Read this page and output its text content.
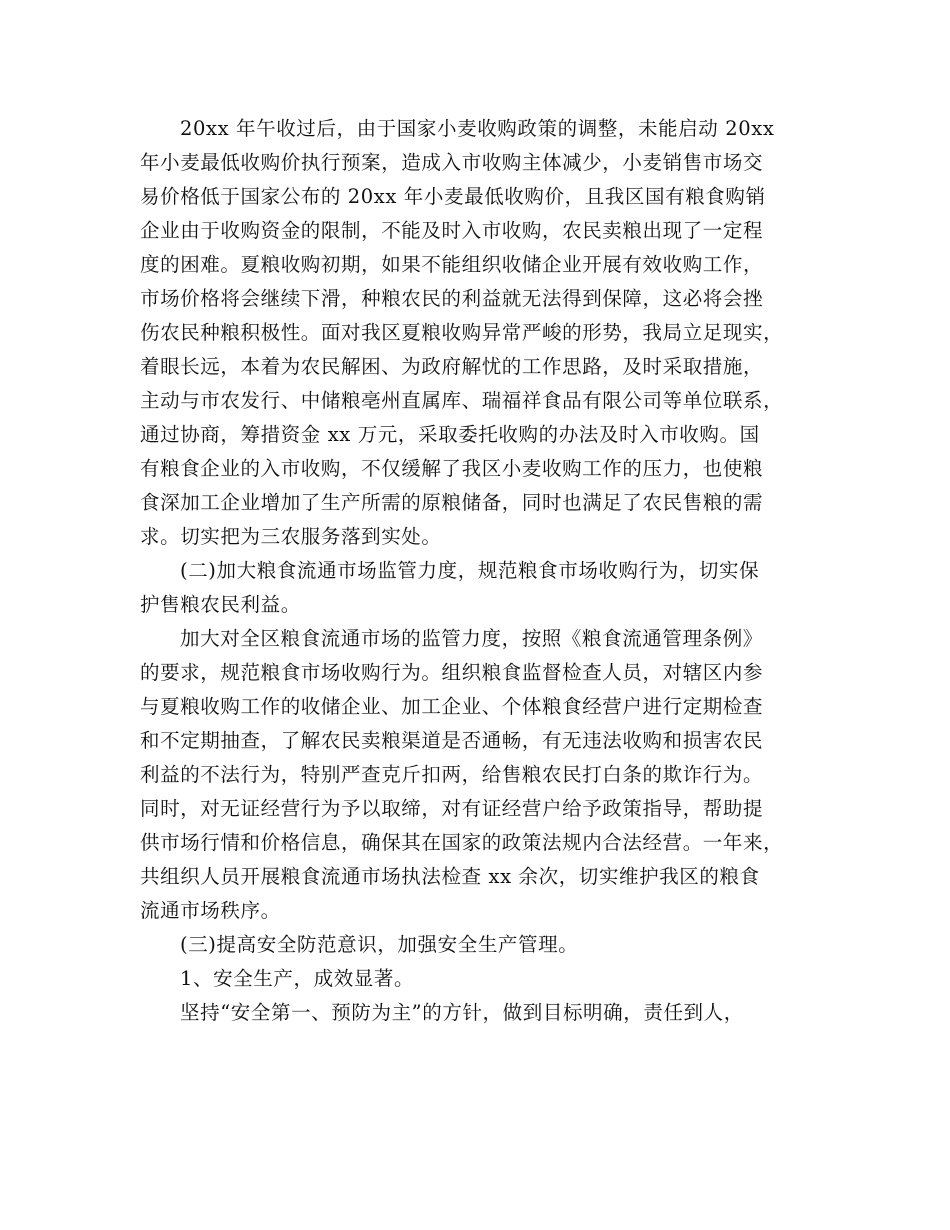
20xx 年午收过后，由于国家小麦收购政策的调整，未能启动 20xx
年小麦最低收购价执行预案，造成入市收购主体减少，小麦销售市场交
易价格低于国家公布的 20xx 年小麦最低收购价，且我区国有粮食购销
企业由于收购资金的限制，不能及时入市收购，农民卖粮出现了一定程
度的困难。夏粮收购初期，如果不能组织收储企业开展有效收购工作，
市场价格将会继续下滑，种粮农民的利益就无法得到保障，这必将会挫
伤农民种粮积极性。面对我区夏粮收购异常严峻的形势，我局立足现实，
着眼长远，本着为农民解困、为政府解忧的工作思路，及时采取措施，
主动与市农发行、中储粮亳州直属库、瑞福祥食品有限公司等单位联系，
通过协商，筹措资金 xx 万元，采取委托收购的办法及时入市收购。国
有粮食企业的入市收购，不仅缓解了我区小麦收购工作的压力，也使粮
食深加工企业增加了生产所需的原粮储备，同时也满足了农民售粮的需
求。切实把为三农服务落到实处。
(二)加大粮食流通市场监管力度，规范粮食市场收购行为，切实保
护售粮农民利益。
加大对全区粮食流通市场的监管力度，按照《粮食流通管理条例》
的要求，规范粮食市场收购行为。组织粮食监督检查人员，对辖区内参
与夏粮收购工作的收储企业、加工企业、个体粮食经营户进行定期检查
和不定期抽查，了解农民卖粮渠道是否通畅，有无违法收购和损害农民
利益的不法行为，特别严查克斤扣两，给售粮农民打白条的欺诈行为。
同时，对无证经营行为予以取缔，对有证经营户给予政策指导，帮助提
供市场行情和价格信息，确保其在国家的政策法规内合法经营。一年来，
共组织人员开展粮食流通市场执法检查 xx 余次，切实维护我区的粮食
流通市场秩序。
(三)提高安全防范意识，加强安全生产管理。
1、安全生产，成效显著。
坚持“安全第一、预防为主”的方针，做到目标明确，责任到人，
